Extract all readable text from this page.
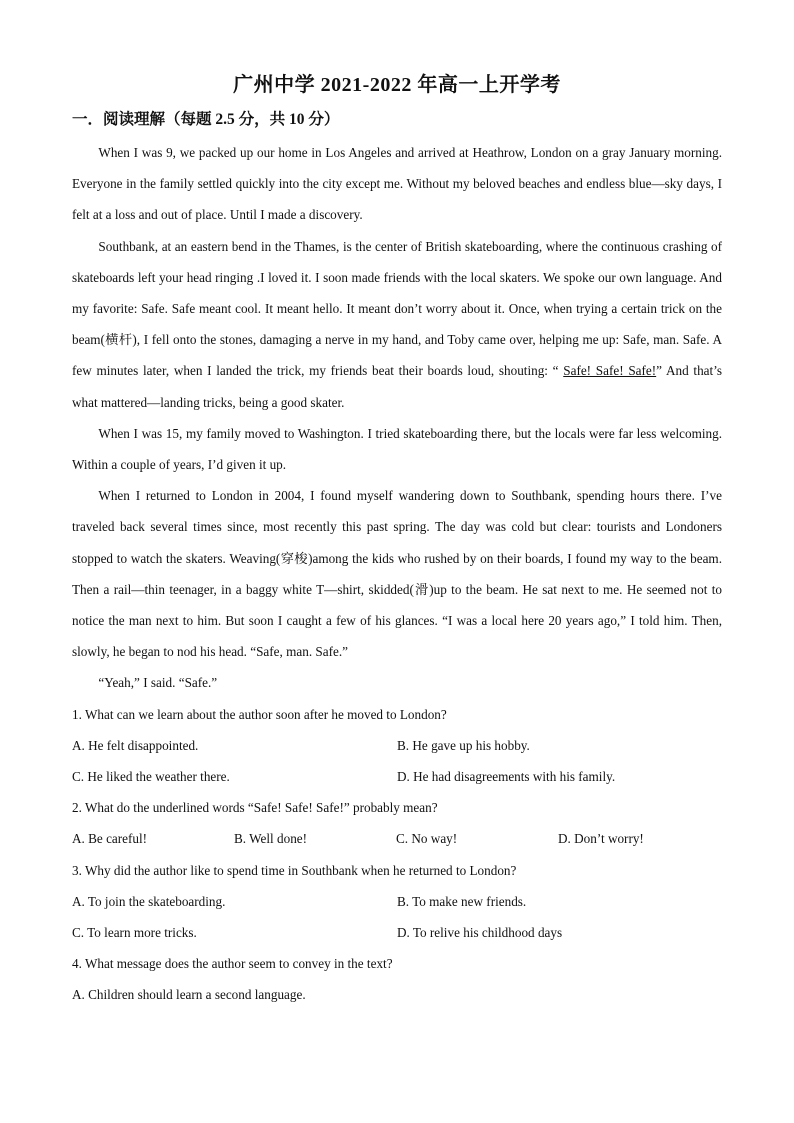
广州中学 2021-2022 年高一上开学考
一．阅读理解（每题 2.5 分，共 10 分）

When I was 9, we packed up our home in Los Angeles and arrived at Heathrow, London on a gray January morning. Everyone in the family settled quickly into the city except me. Without my beloved beaches and endless blue—sky days, I felt at a loss and out of place. Until I made a discovery.

Southbank, at an eastern bend in the Thames, is the center of British skateboarding, where the continuous crashing of skateboards left your head ringing .I loved it. I soon made friends with the local skaters. We spoke our own language. And my favorite: Safe. Safe meant cool. It meant hello. It meant don’t worry about it. Once, when trying a certain trick on the beam(横杆), I fell onto the stones, damaging a nerve in my hand, and Toby came over, helping me up: Safe, man. Safe. A few minutes later, when I landed the trick, my friends beat their boards loud, shouting: “ Safe! Safe! Safe!” And that’s what mattered—landing tricks, being a good skater.

When I was 15, my family moved to Washington. I tried skateboarding there, but the locals were far less welcoming. Within a couple of years, I’d given it up.

When I returned to London in 2004, I found myself wandering down to Southbank, spending hours there. I’ve traveled back several times since, most recently this past spring. The day was cold but clear: tourists and Londoners stopped to watch the skaters. Weaving(穿梭)among the kids who rushed by on their boards, I found my way to the beam. Then a rail—thin teenager, in a baggy white T—shirt, skidded(滑)up to the beam. He sat next to me. He seemed not to notice the man next to him. But soon I caught a few of his glances. “I was a local here 20 years ago,” I told him. Then, slowly, he began to nod his head. “Safe, man. Safe.”

“Yeah,” I said. “Safe.”

1. What can we learn about the author soon after he moved to London?

A. He felt disappointed.	B. He gave up his hobby.
C. He liked the weather there.	D. He had disagreements with his family.

2. What do the underlined words “Safe! Safe! Safe!” probably mean?

A. Be careful!	B. Well done!	C. No way!	D. Don’t worry!

3. Why did the author like to spend time in Southbank when he returned to London?

A. To join the skateboarding.	B. To make new friends.
C. To learn more tricks.	D. To relive his childhood days

4. What message does the author seem to convey in the text?

A. Children should learn a second language.
